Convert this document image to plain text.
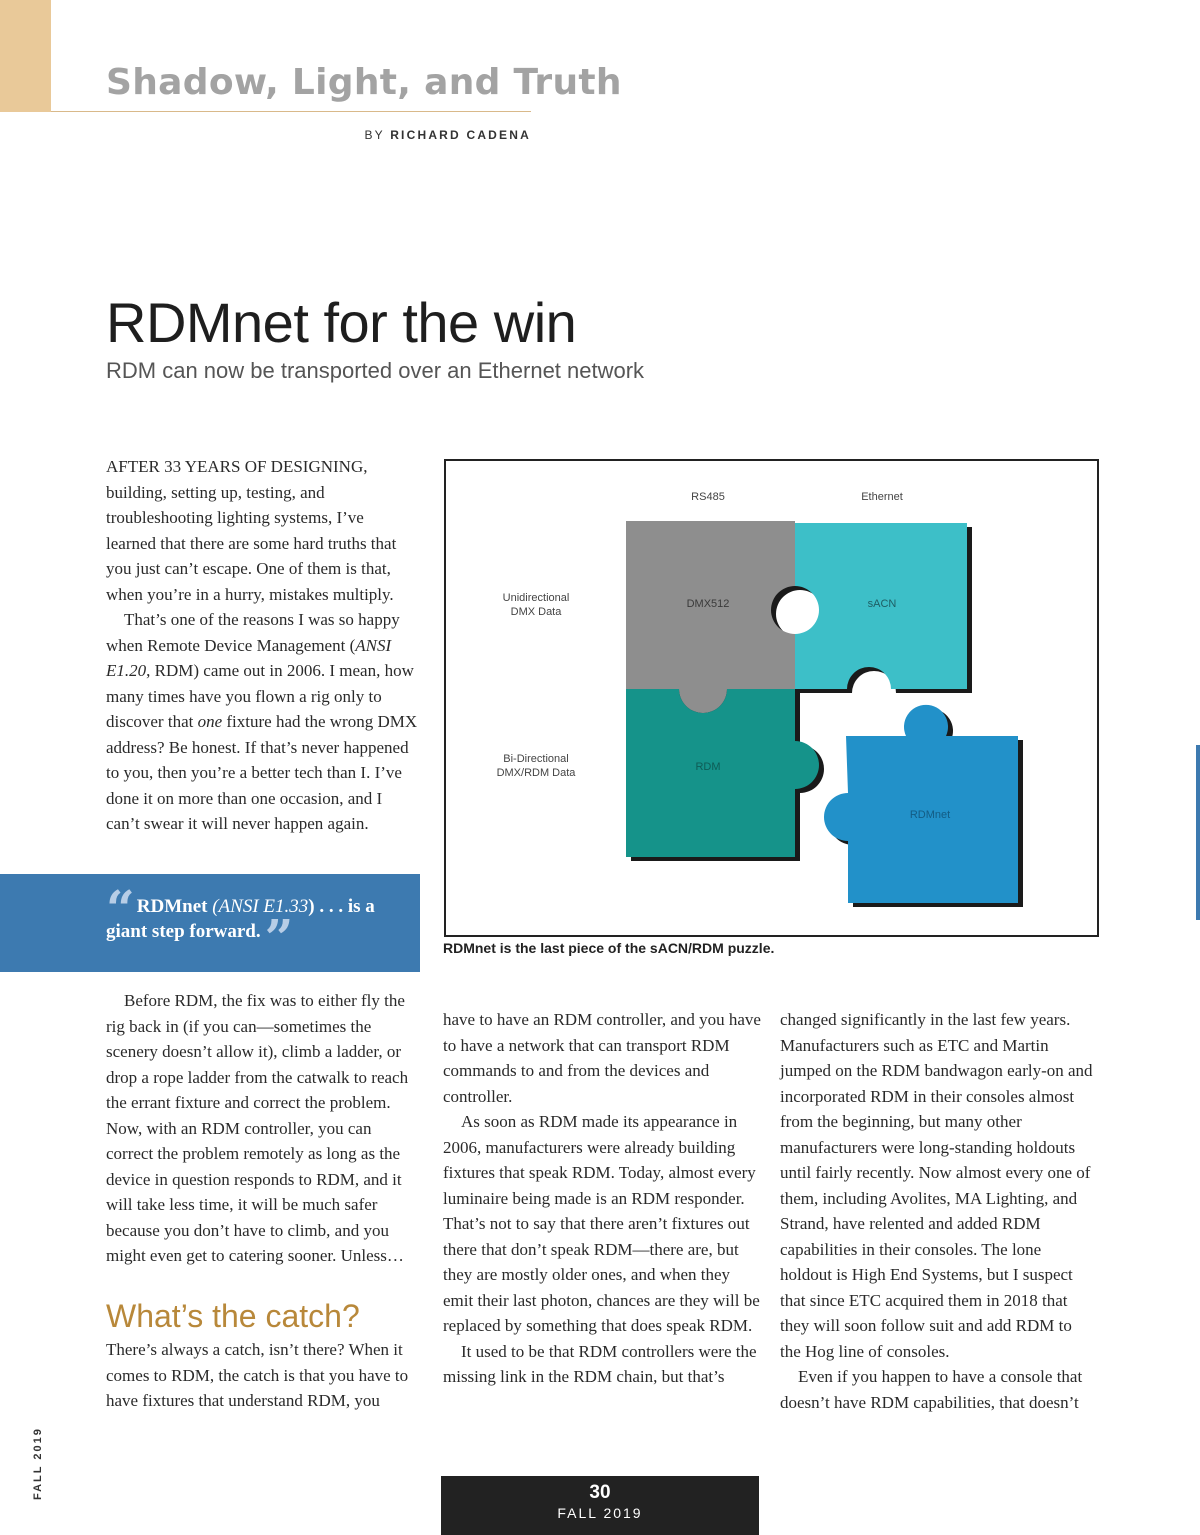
Shadow, Light, and Truth
BY RICHARD CADENA
RDMnet for the win
RDM can now be transported over an Ethernet network

AFTER 33 YEARS OF DESIGNING, building, setting up, testing, and troubleshooting lighting systems, I’ve learned that there are some hard truths that you just can’t escape. One of them is that, when you’re in a hurry, mistakes multiply.

That’s one of the reasons I was so happy when Remote Device Management (ANSI E1.20, RDM) came out in 2006. I mean, how many times have you flown a rig only to discover that one fixture had the wrong DMX address? Be honest. If that’s never happened to you, then you’re a better tech than I. I’ve done it on more than one occasion, and I can’t swear it will never happen again.

“ RDMnet (ANSI E1.33) . . . is a giant step forward.”
RS485	Ethernet
Unidirectional
DMX Data
Bi-Directional
DMX/RDM Data
DMX512	sACN
RDM
RDMnet
RDMnet is the last piece of the sACN/RDM puzzle.

Before RDM, the fix was to either fly the rig back in (if you can—sometimes the scenery doesn’t allow it), climb a ladder, or drop a rope ladder from the catwalk to reach the errant fixture and correct the problem. Now, with an RDM controller, you can correct the problem remotely as long as the device in question responds to RDM, and it will take less time, it will be much safer because you don’t have to climb, and you might even get to catering sooner. Unless…

What’s the catch?

There’s always a catch, isn’t there? When it comes to RDM, the catch is that you have to have fixtures that understand RDM, you

have to have an RDM controller, and you have to have a network that can transport RDM commands to and from the devices and controller.

As soon as RDM made its appearance in 2006, manufacturers were already building fixtures that speak RDM. Today, almost every luminaire being made is an RDM responder. That’s not to say that there aren’t fixtures out there that don’t speak RDM—there are, but they are mostly older ones, and when they emit their last photon, chances are they will be replaced by something that does speak RDM.

It used to be that RDM controllers were the missing link in the RDM chain, but that’s

changed significantly in the last few years. Manufacturers such as ETC and Martin jumped on the RDM bandwagon early-on and incorporated RDM in their consoles almost from the beginning, but many other manufacturers were long-standing holdouts until fairly recently. Now almost every one of them, including Avolites, MA Lighting, and Strand, have relented and added RDM capabilities in their consoles. The lone holdout is High End Systems, but I suspect that since ETC acquired them in 2018 that they will soon follow suit and add RDM to the Hog line of consoles.

Even if you happen to have a console that doesn’t have RDM capabilities, that doesn’t

FALL 2019	30
FALL 2019
